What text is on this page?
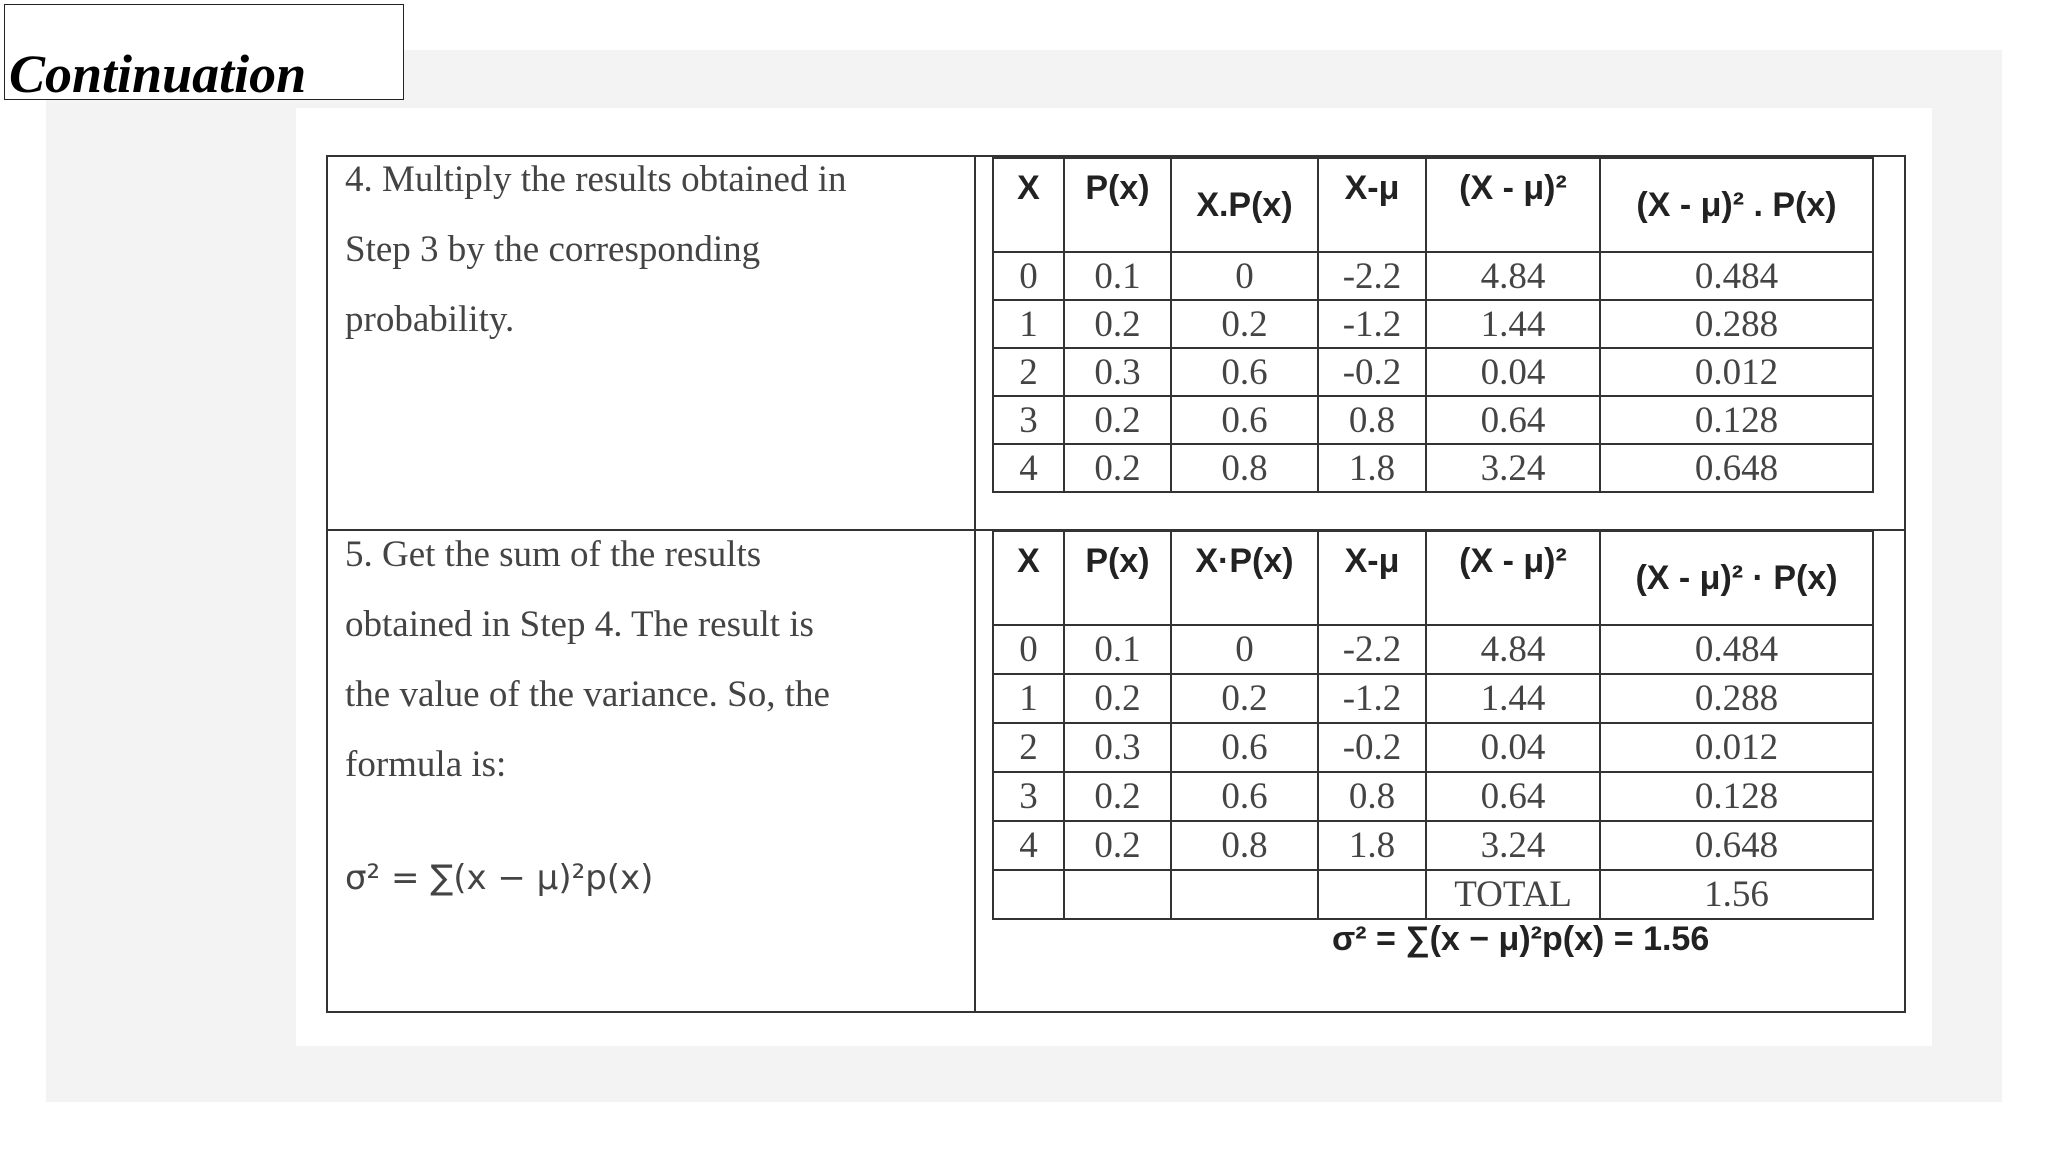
Continuation
4. Multiply the results obtained in
Step 3 by the corresponding
probability.
5. Get the sum of the results
obtained in Step 4. The result is
the value of the variance. So, the
formula is:
σ² = ∑(x − μ)²p(x)
X	P(x)	X.P(x)	X-μ	(X - μ)²	(X - μ)² . P(x)
0	0.1	0	-2.2	4.84	0.484
1	0.2	0.2	-1.2	1.44	0.288
2	0.3	0.6	-0.2	0.04	0.012
3	0.2	0.6	0.8	0.64	0.128
4	0.2	0.8	1.8	3.24	0.648
X	P(x)	X·P(x)	X-μ	(X - μ)²	(X - μ)² · P(x)
0	0.1	0	-2.2	4.84	0.484
1	0.2	0.2	-1.2	1.44	0.288
2	0.3	0.6	-0.2	0.04	0.012
3	0.2	0.6	0.8	0.64	0.128
4	0.2	0.8	1.8	3.24	0.648
				TOTAL	1.56
σ² = ∑(x − μ)²p(x) = 1.56
